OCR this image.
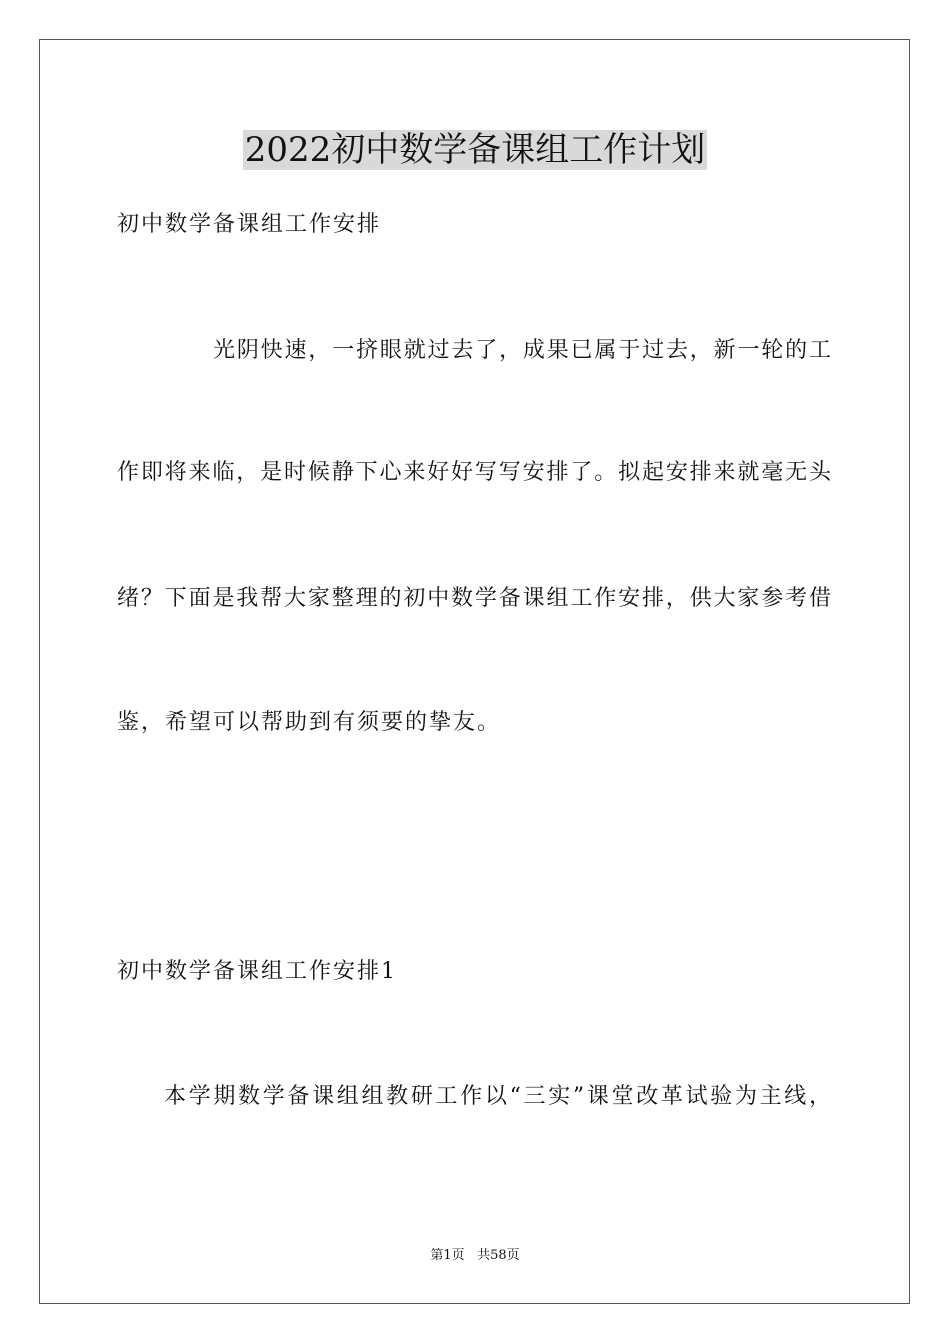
2022初中数学备课组工作计划
初中数学备课组工作安排
光阴快速，一挤眼就过去了，成果已属于过去，新一轮的工
作即将来临，是时候静下心来好好写写安排了。拟起安排来就毫无头
绪？下面是我帮大家整理的初中数学备课组工作安排，供大家参考借
鉴，希望可以帮助到有须要的挚友。
初中数学备课组工作安排1
本学期数学备课组组教研工作以“三实”课堂改革试验为主线，
第1页 共58页
